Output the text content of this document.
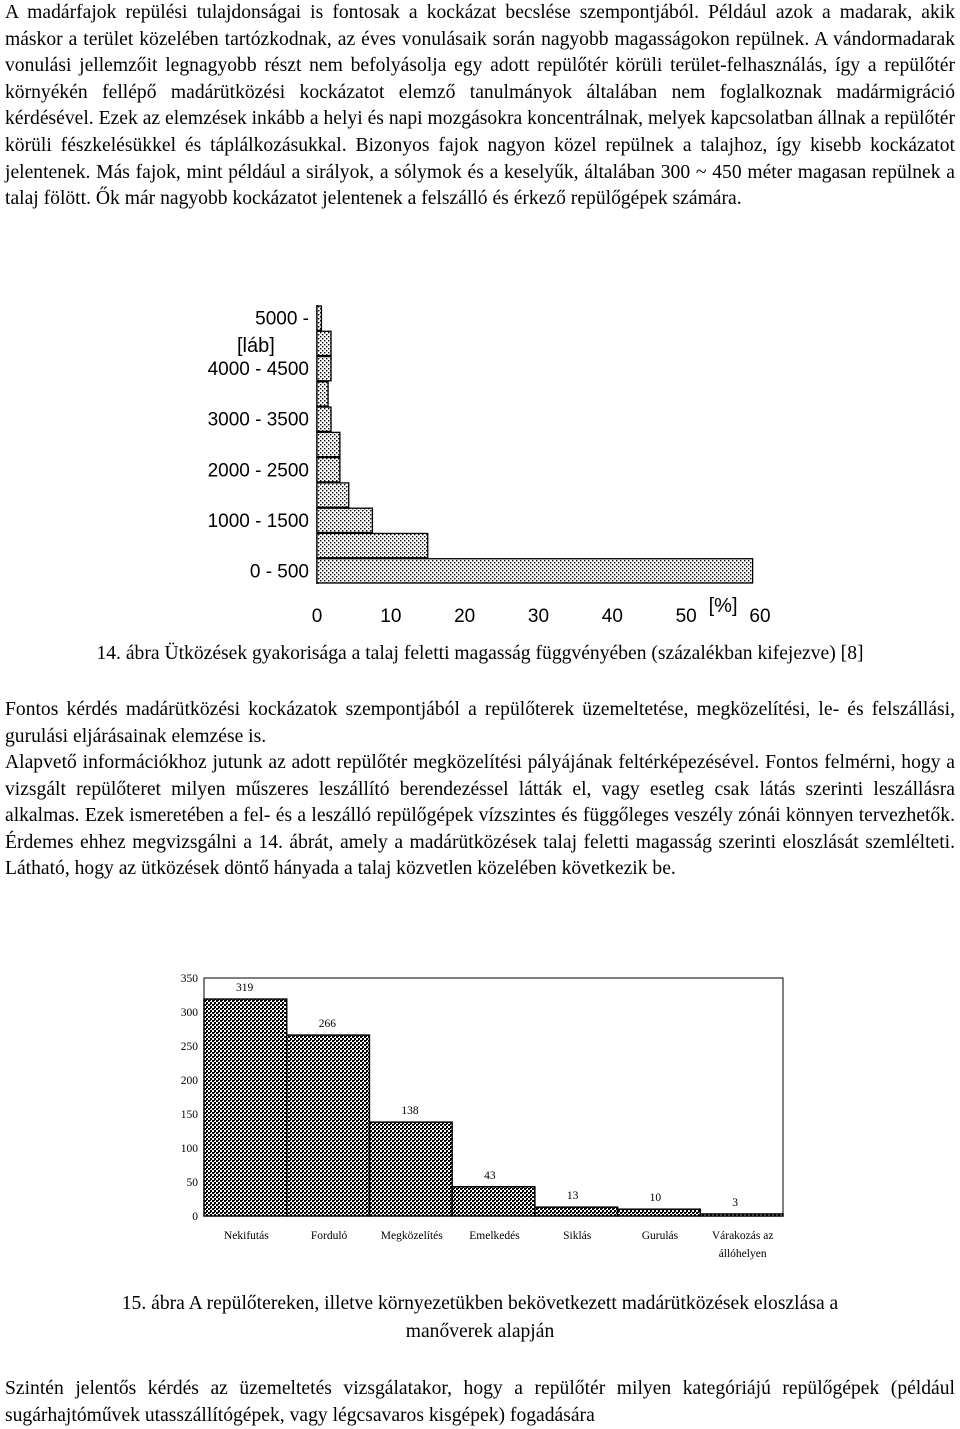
A madárfajok repülési tulajdonságai is fontosak a kockázat becslése szempontjából. Például azok a madarak, akik máskor a terület közelében tartózkodnak, az éves vonulásaik során nagyobb magasságokon repülnek. A vándormadarak vonulási jellemzőit legnagyobb részt nem befolyásolja egy adott repülőtér körüli terület-felhasználás, így a repülőtér környékén fellépő madárütközési kockázatot elemző tanulmányok általában nem foglalkoznak madármigráció kérdésével. Ezek az elemzések inkább a helyi és napi mozgásokra koncentrálnak, melyek kapcsolatban állnak a repülőtér körüli fészkelésükkel és táplálkozásukkal. Bizonyos fajok nagyon közel repülnek a talajhoz, így kisebb kockázatot jelentenek. Más fajok, mint például a sirályok, a sólymok és a keselyűk, általában 300 ~ 450 méter magasan repülnek a talaj fölött. Ők már nagyobb kockázatot jelentenek a felszálló és érkező repülőgépek számára.

5000 -
4000 - 4500
3000 - 3500
2000 - 2500
1000 - 1500
0 - 500
[láb]
0	10	20	30	40	50	60
[%]

14. ábra Ütközések gyakorisága a talaj feletti magasság függvényében (százalékban kifejezve) [8]

Fontos kérdés madárütközési kockázatok szempontjából a repülőterek üzemeltetése, megközelítési, le- és felszállási, gurulási eljárásainak elemzése is.

Alapvető információkhoz jutunk az adott repülőtér megközelítési pályájának feltérképezésével. Fontos felmérni, hogy a vizsgált repülőteret milyen műszeres leszállító berendezéssel látták el, vagy esetleg csak látás szerinti leszállásra alkalmas. Ezek ismeretében a fel- és a leszálló repülőgépek vízszintes és függőleges veszély zónái könnyen tervezhetők. Érdemes ehhez megvizsgálni a 14. ábrát, amely a madárütközések talaj feletti magasság szerinti eloszlását szemlélteti. Látható, hogy az ütközések döntő hányada a talaj közvetlen közelében következik be.

0
50
100
150
200
250
300
350
319
Nekifutás
266
Forduló
138
Megközelítés
43
Emelkedés
13
Siklás
10
Gurulás
3
Várakozás az
állóhelyen

15. ábra A repülőtereken, illetve környezetükben bekövetkezett madárütközések eloszlása a

manőverek alapján

Szintén jelentős kérdés az üzemeltetés vizsgálatakor, hogy a repülőtér milyen kategóriájú repülőgépek (például sugárhajtóművek utasszállítógépek, vagy légcsavaros kisgépek) fogadására
